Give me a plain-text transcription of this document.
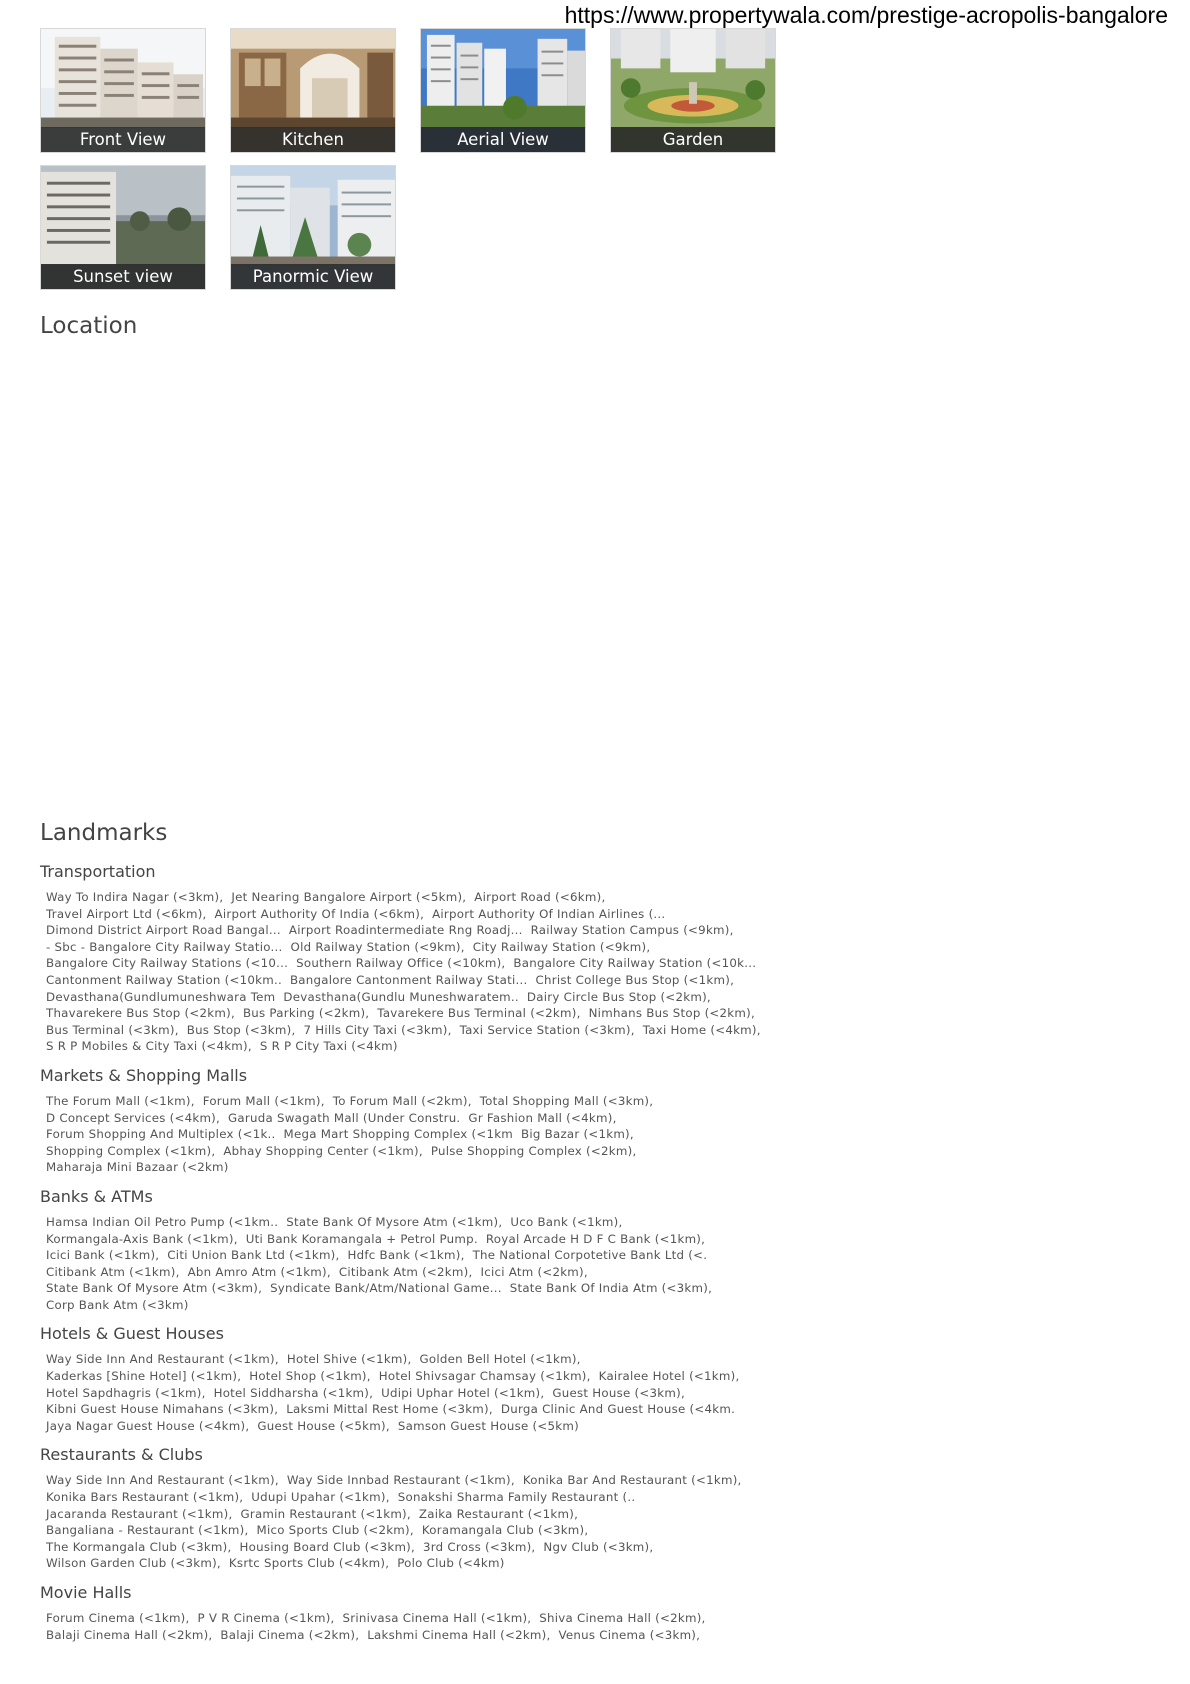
https://www.propertywala.com/prestige-acropolis-bangalore
Front View	Kitchen	Aerial View	Garden
Sunset view	Panormic View
Location
Landmarks
Transportation
Way To Indira Nagar (<3km),  Jet Nearing Bangalore Airport (<5km),  Airport Road (<6km),
Travel Airport Ltd (<6km),  Airport Authority Of India (<6km),  Airport Authority Of Indian Airlines (...
Dimond District Airport Road Bangal...  Airport Roadintermediate Rng Roadj...  Railway Station Campus (<9km),
- Sbc - Bangalore City Railway Statio...  Old Railway Station (<9km),  City Railway Station (<9km),
Bangalore City Railway Stations (<10...  Southern Railway Office (<10km),  Bangalore City Railway Station (<10k...
Cantonment Railway Station (<10km..  Bangalore Cantonment Railway Stati...  Christ College Bus Stop (<1km),
Devasthana(Gundlumuneshwara Tem  Devasthana(Gundlu Muneshwaratem..  Dairy Circle Bus Stop (<2km),
Thavarekere Bus Stop (<2km),  Bus Parking (<2km),  Tavarekere Bus Terminal (<2km),  Nimhans Bus Stop (<2km),
Bus Terminal (<3km),  Bus Stop (<3km),  7 Hills City Taxi (<3km),  Taxi Service Station (<3km),  Taxi Home (<4km),
S R P Mobiles & City Taxi (<4km),  S R P City Taxi (<4km)
Markets & Shopping Malls
The Forum Mall (<1km),  Forum Mall (<1km),  To Forum Mall (<2km),  Total Shopping Mall (<3km),
D Concept Services (<4km),  Garuda Swagath Mall (Under Constru.  Gr Fashion Mall (<4km),
Forum Shopping And Multiplex (<1k..  Mega Mart Shopping Complex (<1km  Big Bazar (<1km),
Shopping Complex (<1km),  Abhay Shopping Center (<1km),  Pulse Shopping Complex (<2km),
Maharaja Mini Bazaar (<2km)
Banks & ATMs
Hamsa Indian Oil Petro Pump (<1km..  State Bank Of Mysore Atm (<1km),  Uco Bank (<1km),
Kormangala-Axis Bank (<1km),  Uti Bank Koramangala + Petrol Pump.  Royal Arcade H D F C Bank (<1km),
Icici Bank (<1km),  Citi Union Bank Ltd (<1km),  Hdfc Bank (<1km),  The National Corpotetive Bank Ltd (<.
Citibank Atm (<1km),  Abn Amro Atm (<1km),  Citibank Atm (<2km),  Icici Atm (<2km),
State Bank Of Mysore Atm (<3km),  Syndicate Bank/Atm/National Game...  State Bank Of India Atm (<3km),
Corp Bank Atm (<3km)
Hotels & Guest Houses
Way Side Inn And Restaurant (<1km),  Hotel Shive (<1km),  Golden Bell Hotel (<1km),
Kaderkas [Shine Hotel] (<1km),  Hotel Shop (<1km),  Hotel Shivsagar Chamsay (<1km),  Kairalee Hotel (<1km),
Hotel Sapdhagris (<1km),  Hotel Siddharsha (<1km),  Udipi Uphar Hotel (<1km),  Guest House (<3km),
Kibni Guest House Nimahans (<3km),  Laksmi Mittal Rest Home (<3km),  Durga Clinic And Guest House (<4km.
Jaya Nagar Guest House (<4km),  Guest House (<5km),  Samson Guest House (<5km)
Restaurants & Clubs
Way Side Inn And Restaurant (<1km),  Way Side Innbad Restaurant (<1km),  Konika Bar And Restaurant (<1km),
Konika Bars Restaurant (<1km),  Udupi Upahar (<1km),  Sonakshi Sharma Family Restaurant (..
Jacaranda Restaurant (<1km),  Gramin Restaurant (<1km),  Zaika Restaurant (<1km),
Bangaliana - Restaurant (<1km),  Mico Sports Club (<2km),  Koramangala Club (<3km),
The Kormangala Club (<3km),  Housing Board Club (<3km),  3rd Cross (<3km),  Ngv Club (<3km),
Wilson Garden Club (<3km),  Ksrtc Sports Club (<4km),  Polo Club (<4km)
Movie Halls
Forum Cinema (<1km),  P V R Cinema (<1km),  Srinivasa Cinema Hall (<1km),  Shiva Cinema Hall (<2km),
Balaji Cinema Hall (<2km),  Balaji Cinema (<2km),  Lakshmi Cinema Hall (<2km),  Venus Cinema (<3km),
